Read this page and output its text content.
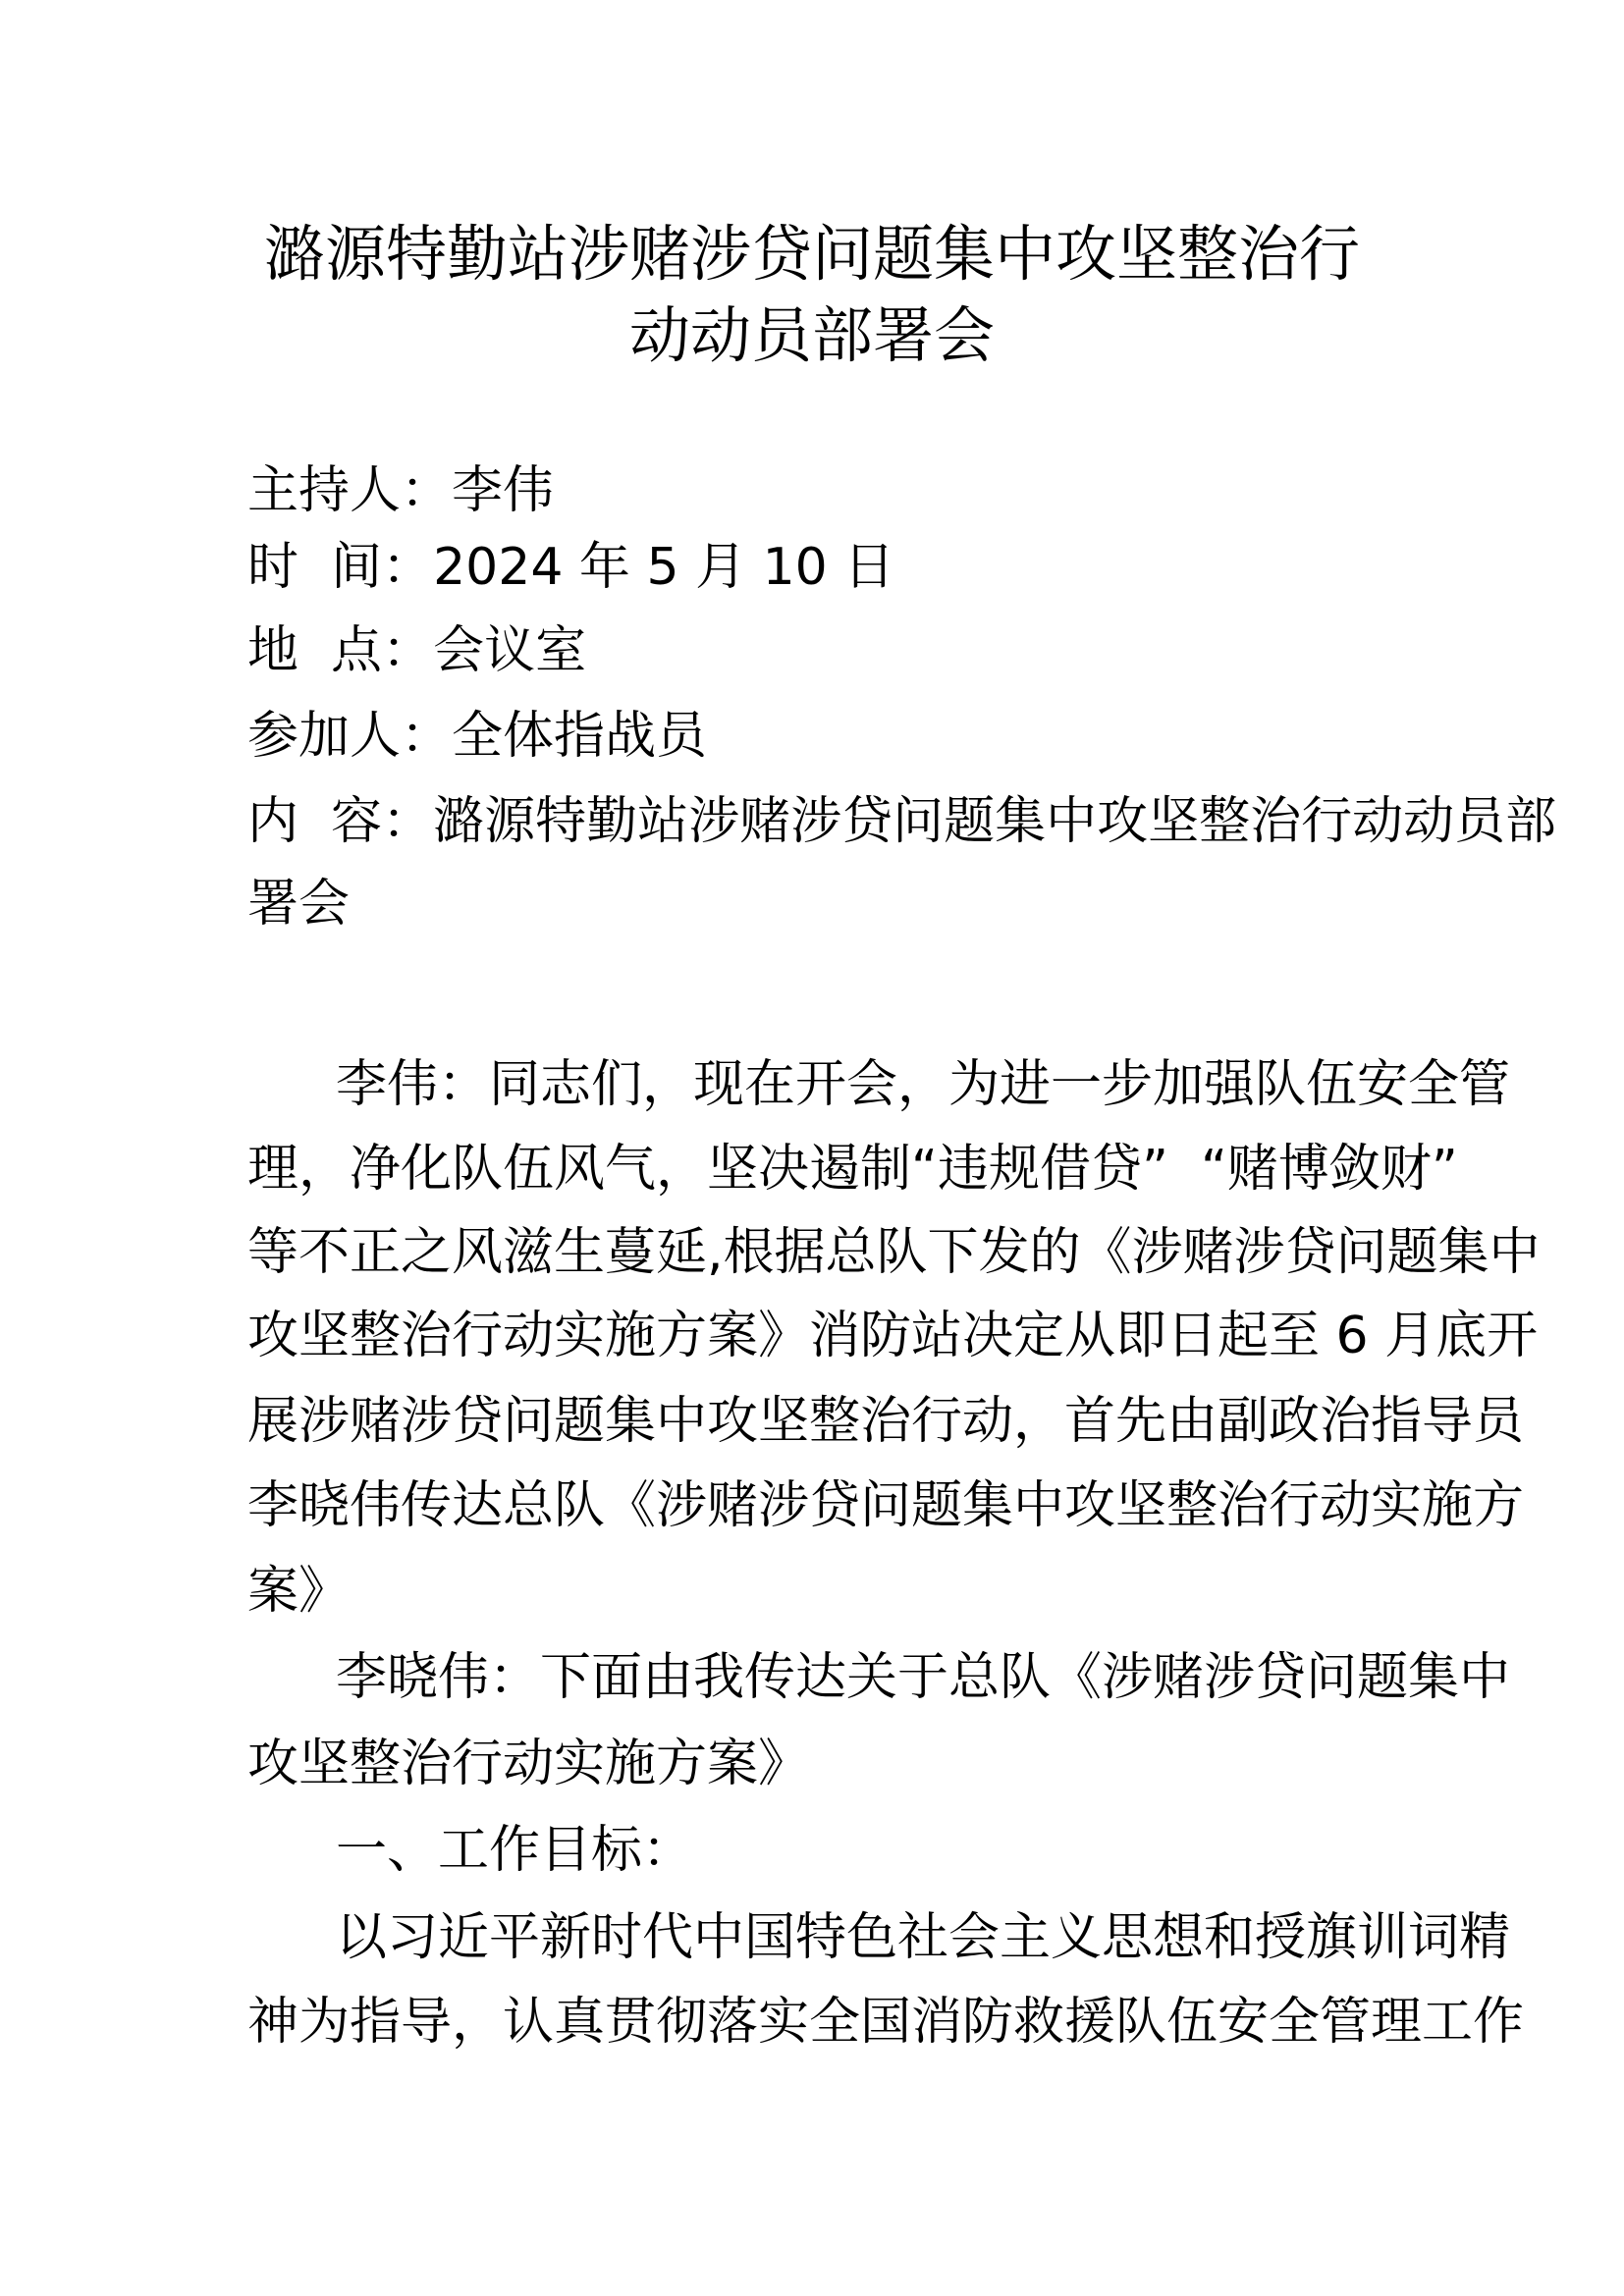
潞源特勤站涉赌涉贷问题集中攻坚整治行
动动员部署会
主持人：李伟
时  间：2024 年 5 月 10 日
地  点：会议室
参加人：全体指战员
内  容：潞源特勤站涉赌涉贷问题集中攻坚整治行动动员部
署会
李伟：同志们，现在开会，为进一步加强队伍安全管
理，净化队伍风气，坚决遏制“违规借贷”  “赌博敛财”
等不正之风滋生蔓延,根据总队下发的《涉赌涉贷问题集中
攻坚整治行动实施方案》消防站决定从即日起至 6 月底开
展涉赌涉贷问题集中攻坚整治行动，首先由副政治指导员
李晓伟传达总队《涉赌涉贷问题集中攻坚整治行动实施方
案》
李晓伟：下面由我传达关于总队《涉赌涉贷问题集中
攻坚整治行动实施方案》
一、工作目标：
以习近平新时代中国特色社会主义思想和授旗训词精
神为指导，认真贯彻落实全国消防救援队伍安全管理工作
